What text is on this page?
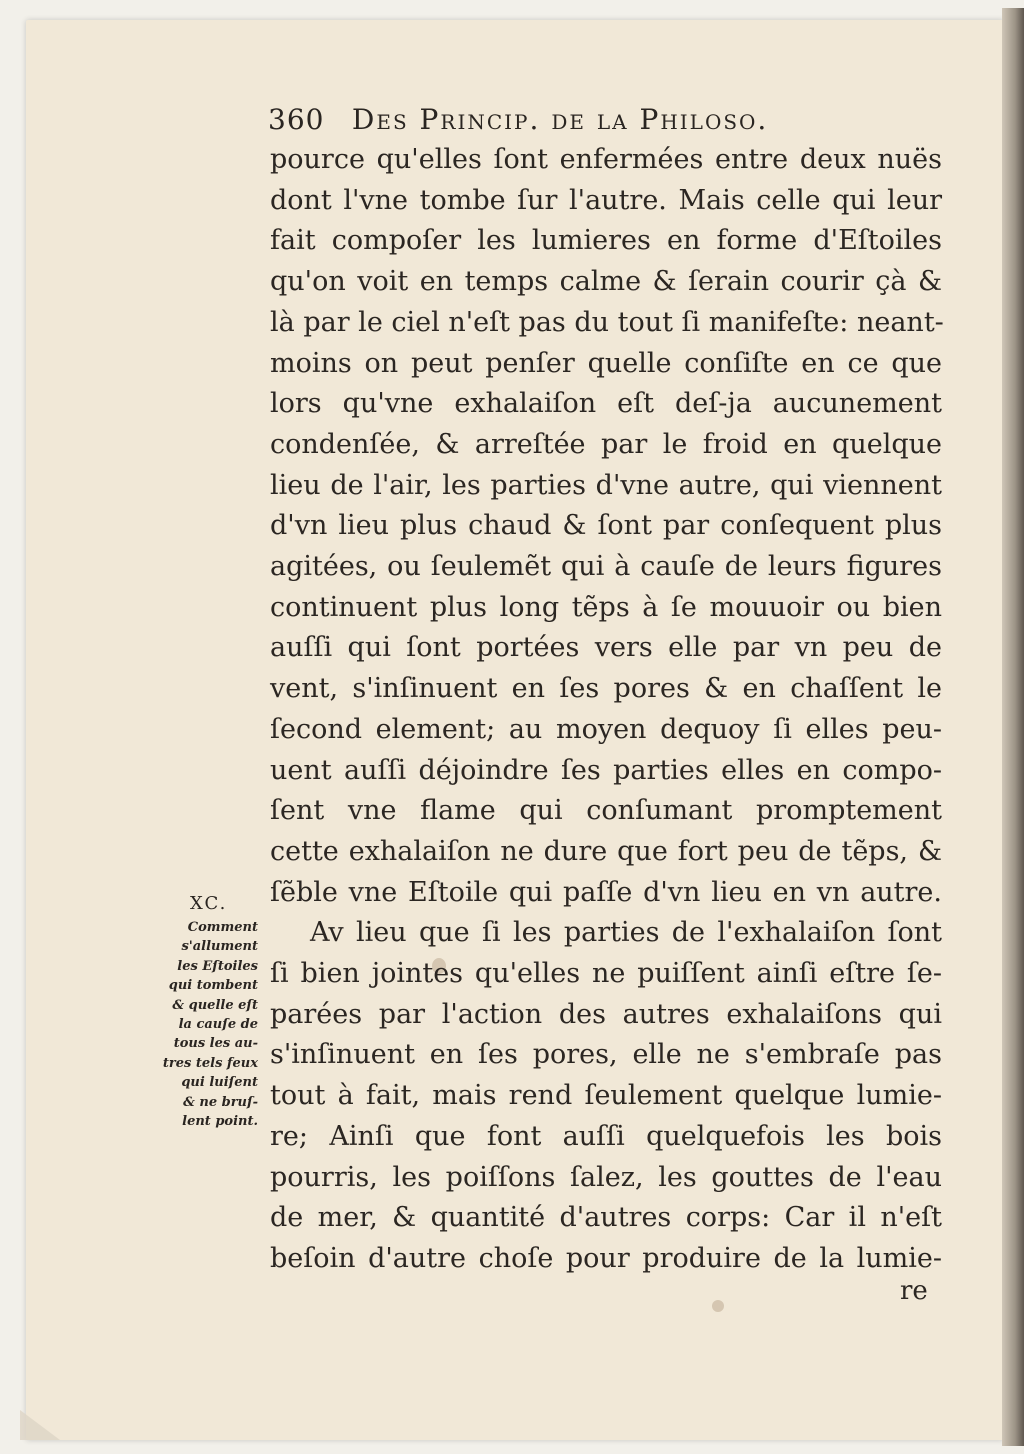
360 Des Princip. de la Philoso.
pource qu'elles ſont enfermées entre deux nuës
dont l'vne tombe ſur l'autre. Mais celle qui leur
fait compoſer les lumieres en forme d'Eſtoiles
qu'on voit en temps calme & ſerain courir çà &
là par le ciel n'eſt pas du tout ſi manifeſte: neant-
moins on peut penſer quelle conſiſte en ce que
lors qu'vne exhalaiſon eſt deſ-ja aucunement
condenſée, & arreſtée par le froid en quelque
lieu de l'air, les parties d'vne autre, qui viennent
d'vn lieu plus chaud & ſont par conſequent plus
agitées, ou ſeulemẽt qui à cauſe de leurs figures
continuent plus long tẽps à ſe mouuoir ou bien
auſſi qui ſont portées vers elle par vn peu de
vent, s'inſinuent en ſes pores & en chaſſent le
ſecond element; au moyen dequoy ſi elles peu-
uent auſſi déjoindre ſes parties elles en compo-
ſent vne flame qui conſumant promptement
cette exhalaiſon ne dure que fort peu de tẽps, &
ſẽble vne Eſtoile qui paſſe d'vn lieu en vn autre.
Av lieu que ſi les parties de l'exhalaiſon ſont
ſi bien jointes qu'elles ne puiſſent ainſi eſtre ſe-
parées par l'action des autres exhalaiſons qui
s'inſinuent en ſes pores, elle ne s'embraſe pas
tout à fait, mais rend ſeulement quelque lumie-
re; Ainſi que font auſſi quelquefois les bois
pourris, les poiſſons ſalez, les gouttes de l'eau
de mer, & quantité d'autres corps: Car il n'eſt
beſoin d'autre choſe pour produire de la lumie-
re
XC.
Comment
s'allument
les Eſtoiles
qui tombent
& quelle eſt
la cauſe de
tous les au-
tres tels feux
qui luiſent
& ne bruſ-
lent point.
